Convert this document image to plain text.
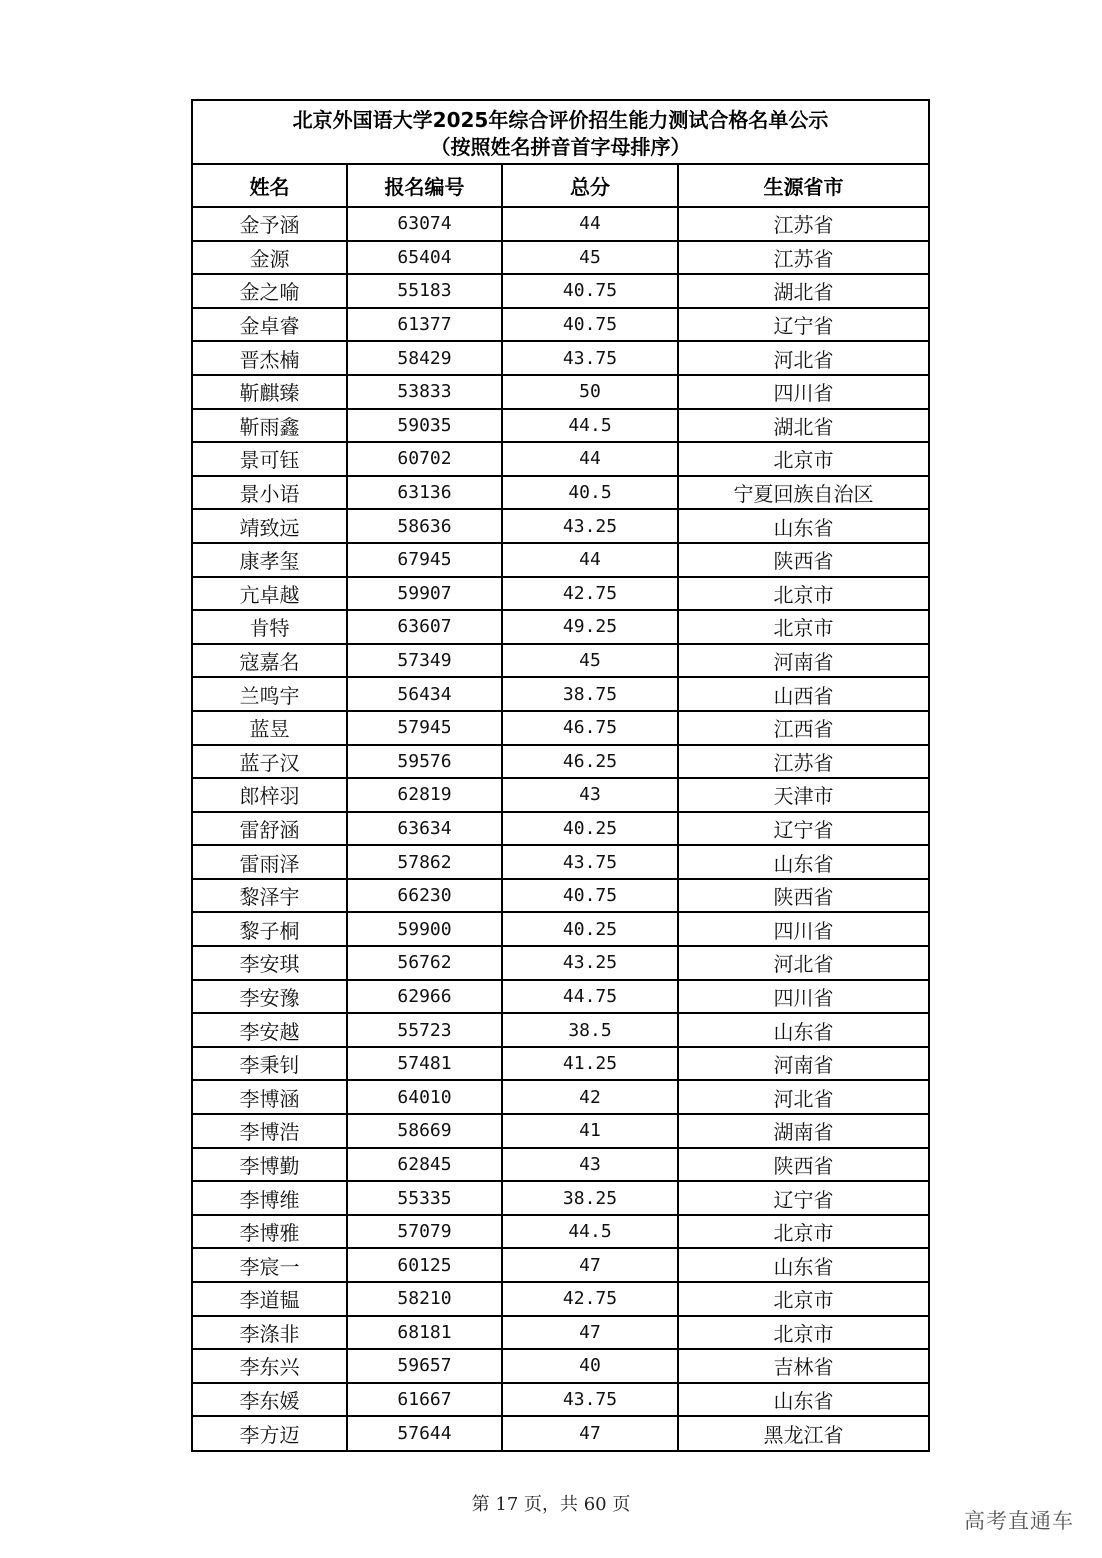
北京外国语大学2025年综合评价招生能力测试合格名单公示
（按照姓名拼音首字母排序）
姓名	报名编号	总分	生源省市
金予涵	63074	44	江苏省
金源	65404	45	江苏省
金之喻	55183	40.75	湖北省
金卓睿	61377	40.75	辽宁省
晋杰楠	58429	43.75	河北省
靳麒臻	53833	50	四川省
靳雨鑫	59035	44.5	湖北省
景可钰	60702	44	北京市
景小语	63136	40.5	宁夏回族自治区
靖致远	58636	43.25	山东省
康孝玺	67945	44	陕西省
亢卓越	59907	42.75	北京市
肯特	63607	49.25	北京市
寇嘉名	57349	45	河南省
兰鸣宇	56434	38.75	山西省
蓝昱	57945	46.75	江西省
蓝子汉	59576	46.25	江苏省
郎梓羽	62819	43	天津市
雷舒涵	63634	40.25	辽宁省
雷雨泽	57862	43.75	山东省
黎泽宇	66230	40.75	陕西省
黎子桐	59900	40.25	四川省
李安琪	56762	43.25	河北省
李安豫	62966	44.75	四川省
李安越	55723	38.5	山东省
李秉钊	57481	41.25	河南省
李博涵	64010	42	河北省
李博浩	58669	41	湖南省
李博勤	62845	43	陕西省
李博维	55335	38.25	辽宁省
李博雅	57079	44.5	北京市
李宸一	60125	47	山东省
李道韫	58210	42.75	北京市
李涤非	68181	47	北京市
李东兴	59657	40	吉林省
李东媛	61667	43.75	山东省
李方迈	57644	47	黑龙江省
第 17 页，共 60 页
高考直通车
